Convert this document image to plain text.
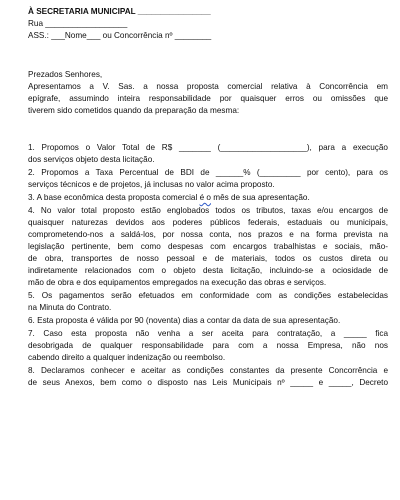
À SECRETARIA MUNICIPAL ________________
Rua __________________
ASS.: ___Nome___ ou Concorrência nº ________
Prezados Senhores,
Apresentamos a V. Sas. a nossa proposta comercial relativa à Concorrência em
epígrafe, assumindo inteira responsabilidade por quaisquer erros ou omissões que
tiverem sido cometidos quando da preparação da mesma:
1. Propomos o Valor Total de R$ _______ (___________________), para a execução
dos serviços objeto desta licitação.
2. Propomos a Taxa Percentual de BDI de ______% (_________ por cento), para os
serviços técnicos e de projetos, já inclusas no valor acima proposto.
3. A base econômica desta proposta comercial é o mês de sua apresentação.
4. No valor total proposto estão englobados todos os tributos, taxas e/ou encargos de
quaisquer naturezas devidos aos poderes públicos federais, estaduais ou municipais,
comprometendo-nos a saldá-los, por nossa conta, nos prazos e na forma prevista na
legislação pertinente, bem como despesas com encargos trabalhistas e sociais, mão-
de obra, transportes de nosso pessoal e de materiais, todos os custos direta ou
indiretamente relacionados com o objeto desta licitação, incluindo-se a ociosidade de
mão de obra e dos equipamentos empregados na execução das obras e serviços.
5. Os pagamentos serão efetuados em conformidade com as condições estabelecidas
na Minuta do Contrato.
6. Esta proposta é válida por 90 (noventa) dias a contar da data de sua apresentação.
7. Caso esta proposta não venha a ser aceita para contratação, a _____ fica
desobrigada de qualquer responsabilidade para com a nossa Empresa, não nos
cabendo direito a qualquer indenização ou reembolso.
8. Declaramos conhecer e aceitar as condições constantes da presente Concorrência e
de seus Anexos, bem como o disposto nas Leis Municipais nº _____ e _____, Decreto
